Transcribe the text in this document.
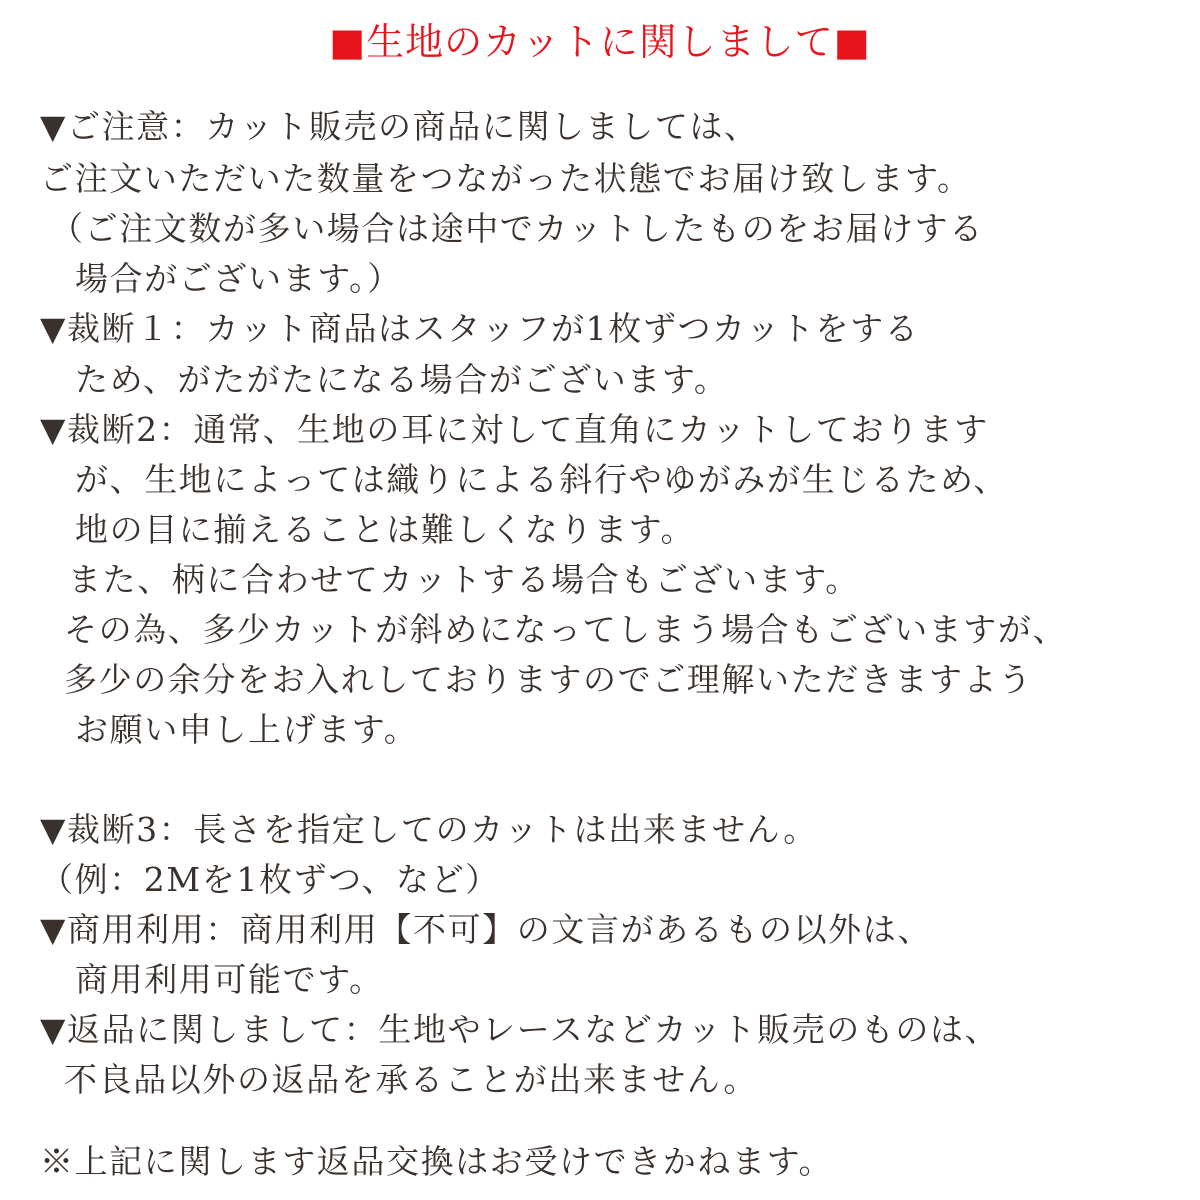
■生地のカットに関しまして■
▼ご注意：カット販売の商品に関しましては、
ご注文いただいた数量をつながった状態でお届け致します。
（ご注文数が多い場合は途中でカットしたものをお届けする
場合がございます。）
▼裁断１：カット商品はスタッフが1枚ずつカットをする
ため、がたがたになる場合がございます。
▼裁断2：通常、生地の耳に対して直角にカットしております
が、生地によっては織りによる斜行やゆがみが生じるため、
地の目に揃えることは難しくなります。
また、柄に合わせてカットする場合もございます。
その為、多少カットが斜めになってしまう場合もございますが、
多少の余分をお入れしておりますのでご理解いただきますよう
お願い申し上げます。
▼裁断3：長さを指定してのカットは出来ません。
（例：2Mを1枚ずつ、など）
▼商用利用：商用利用【不可】の文言があるもの以外は、
商用利用可能です。
▼返品に関しまして：生地やレースなどカット販売のものは、
不良品以外の返品を承ることが出来ません。
※上記に関します返品交換はお受けできかねます。
